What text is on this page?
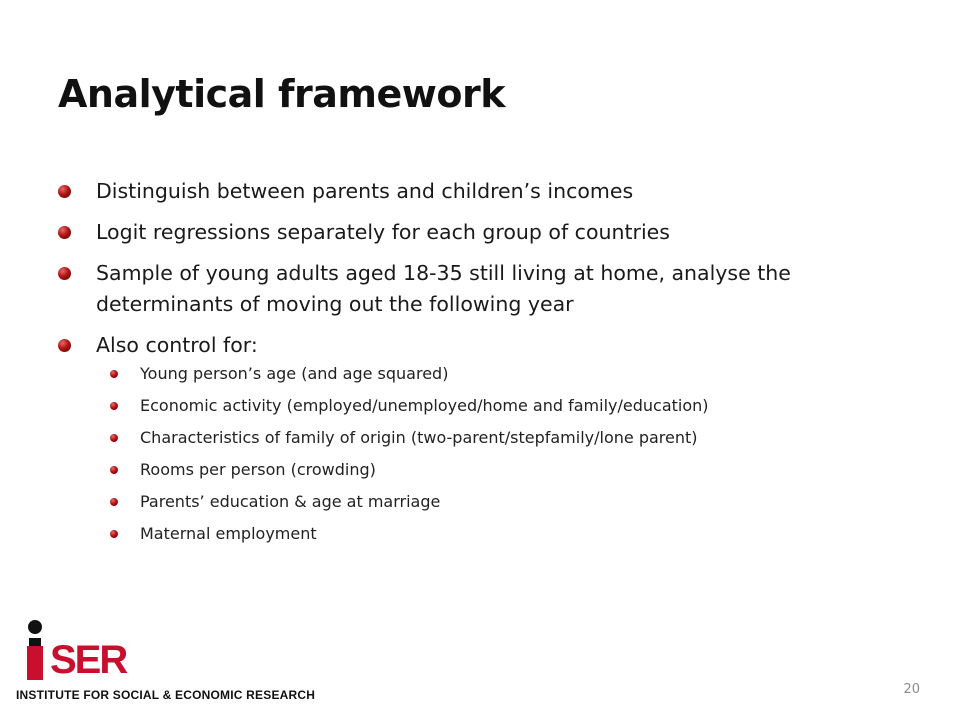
Analytical framework
Distinguish between parents and children’s incomes
Logit regressions separately for each group of countries
Sample of young adults aged 18-35 still living at home, analyse the determinants of moving out the following year
Also control for:
Young person’s age (and age squared)
Economic activity (employed/unemployed/home and family/education)
Characteristics of family of origin (two-parent/stepfamily/lone parent)
Rooms per person (crowding)
Parents’ education & age at marriage
Maternal employment
SER
INSTITUTE FOR SOCIAL & ECONOMIC RESEARCH	20
